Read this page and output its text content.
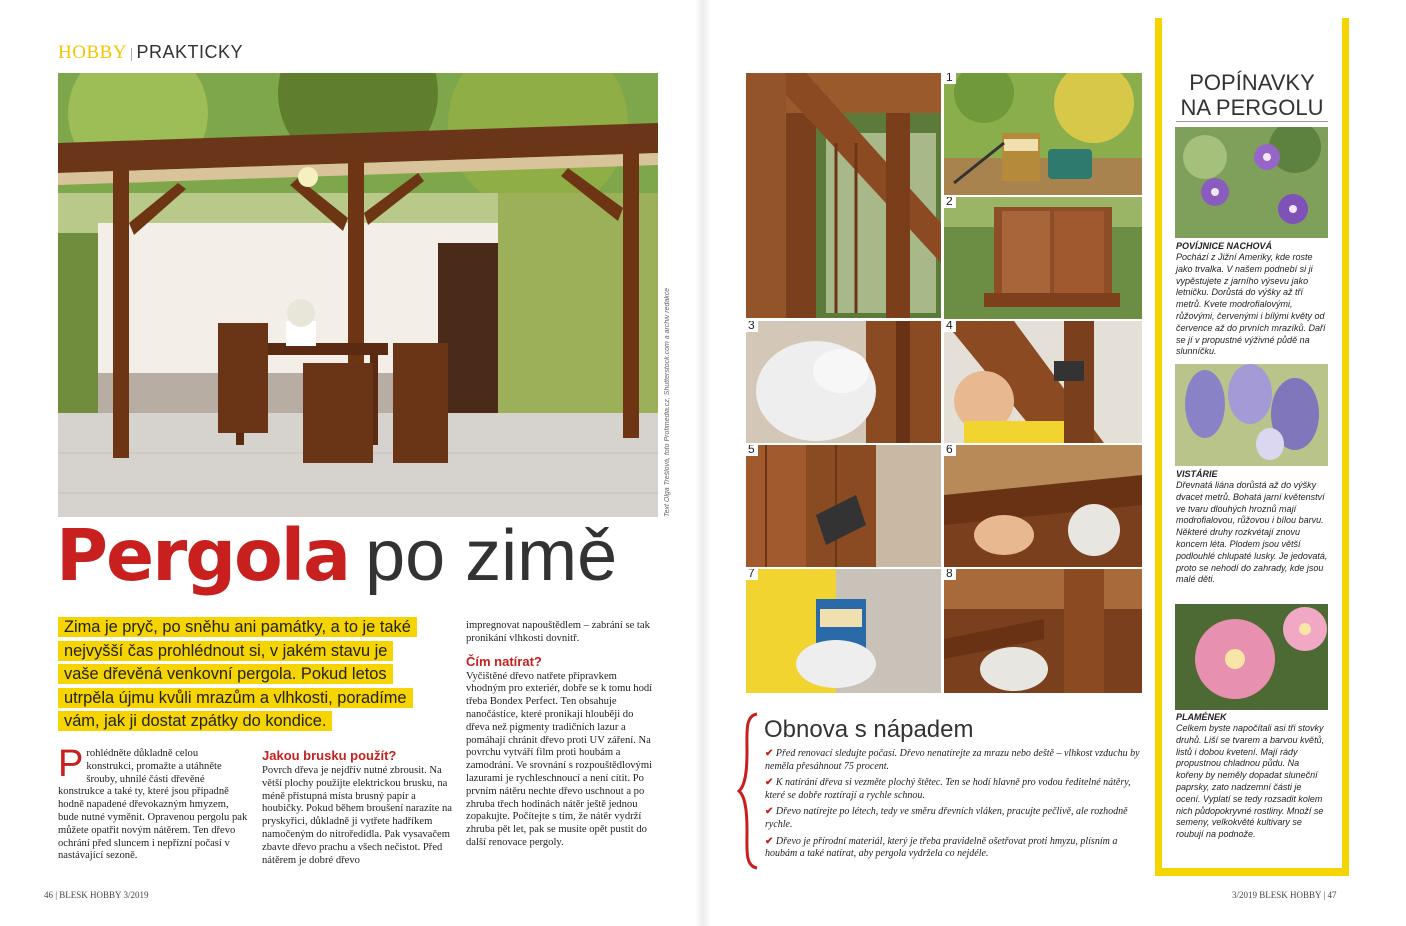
HOBBY | PRAKTICKY
Text Olga Trešlová, foto Profimedia.cz, Shutterstock.com a archiv redakce
Pergola po zimě
Zima je pryč, po sněhu ani památky, a to je také
nejvyšší čas prohlédnout si, v jakém stavu je
vaše dřevěná venkovní pergola. Pokud letos
utrpěla újmu kvůli mrazům a vlhkosti, poradíme
vám, jak ji dostat zpátky do kondice.
Prohlédněte důkladně celou konstrukci, promažte a utáhněte šrouby, uhnilé části dřevěné konstrukce a také ty, které jsou případně hodně napadené dřevokazným hmyzem, bude nutné vyměnit. Opravenou pergolu pak můžete opatřit novým nátěrem. Ten dřevo ochrání před sluncem i nepřízní počasí v nastávající sezoně.
Jakou brusku použít?
Povrch dřeva je nejdřív nutné zbrousit. Na větší plochy použijte elektrickou brusku, na méně přístupná místa brusný papír a houbičky. Pokud během broušení narazíte na pryskyřici, důkladně ji vytřete hadříkem namočeným do nitroředidla. Pak vysavačem zbavte dřevo prachu a všech nečistot. Před nátěrem je dobré dřevo
impregnovat napouštědlem – zabrání se tak pronikání vlhkosti dovnitř.
Čím natírat?
Vyčištěné dřevo natřete přípravkem vhodným pro exteriér, dobře se k tomu hodí třeba Bondex Perfect. Ten obsahuje nanočástice, které pronikají hlouběji do dřeva než pigmenty tradičních lazur a pomáhají chránit dřevo proti UV záření. Na povrchu vytváří film proti houbám a zamodrání. Ve srovnání s rozpouštědlovými lazurami je rychleschnoucí a není cítit. Po prvním nátěru nechte dřevo uschnout a po zhruba třech hodinách nátěr ještě jednou zopakujte. Počítejte s tím, že nátěr vydrží zhruba pět let, pak se musíte opět pustit do další renovace pergoly.
46 | BLESK HOBBY 3/2019
1
2
3	4
5	6
7	8
Obnova s nápadem
✔ Před renovací sledujte počasí. Dřevo nenatírejte za mrazu nebo deště – vlhkost vzduchu by neměla přesáhnout 75 procent.
✔ K natírání dřeva si vezměte plochý štětec. Ten se hodí hlavně pro vodou ředitelné nátěry, které se dobře roztírají a rychle schnou.
✔ Dřevo natírejte po létech, tedy ve směru dřevních vláken, pracujte pečlivě, ale rozhodně rychle.
✔ Dřevo je přírodní materiál, který je třeba pravidelně ošetřovat proti hmyzu, plísním a houbám a také natírat, aby pergola vydržela co nejdéle.
POPÍNAVKY
NA PERGOLU
POVÍJNICE NACHOVÁ
Pochází z Jižní Ameriky, kde roste jako trvalka. V našem podnebí si ji vypěstujete z jarního výsevu jako letničku. Dorůstá do výšky až tří metrů. Kvete modrofialovými, růžovými, červenými i bílými květy od července až do prvních mrazíků. Daří se jí v propustné výživné půdě na slunníčku.
VISTÁRIE
Dřevnatá liána dorůstá až do výšky dvacet metrů. Bohatá jarní květenství ve tvaru dlouhých hroznů mají modrofialovou, růžovou i bílou barvu. Některé druhy rozkvétají znovu koncem léta. Plodem jsou větší podlouhlé chlupaté lusky. Je jedovatá, proto se nehodí do zahrady, kde jsou malé děti.
PLAMÉNEK
Celkem byste napočítali asi tři stovky druhů. Liší se tvarem a barvou květů, listů i dobou kvetení. Mají rády propustnou chladnou půdu. Na kořeny by neměly dopadat sluneční paprsky, zato nadzemní části je ocení. Vyplatí se tedy rozsadit kolem nich půdopokryvné rostliny. Množí se semeny, velkokvěté kultivary se roubují na podnože.
3/2019 BLESK HOBBY | 47
